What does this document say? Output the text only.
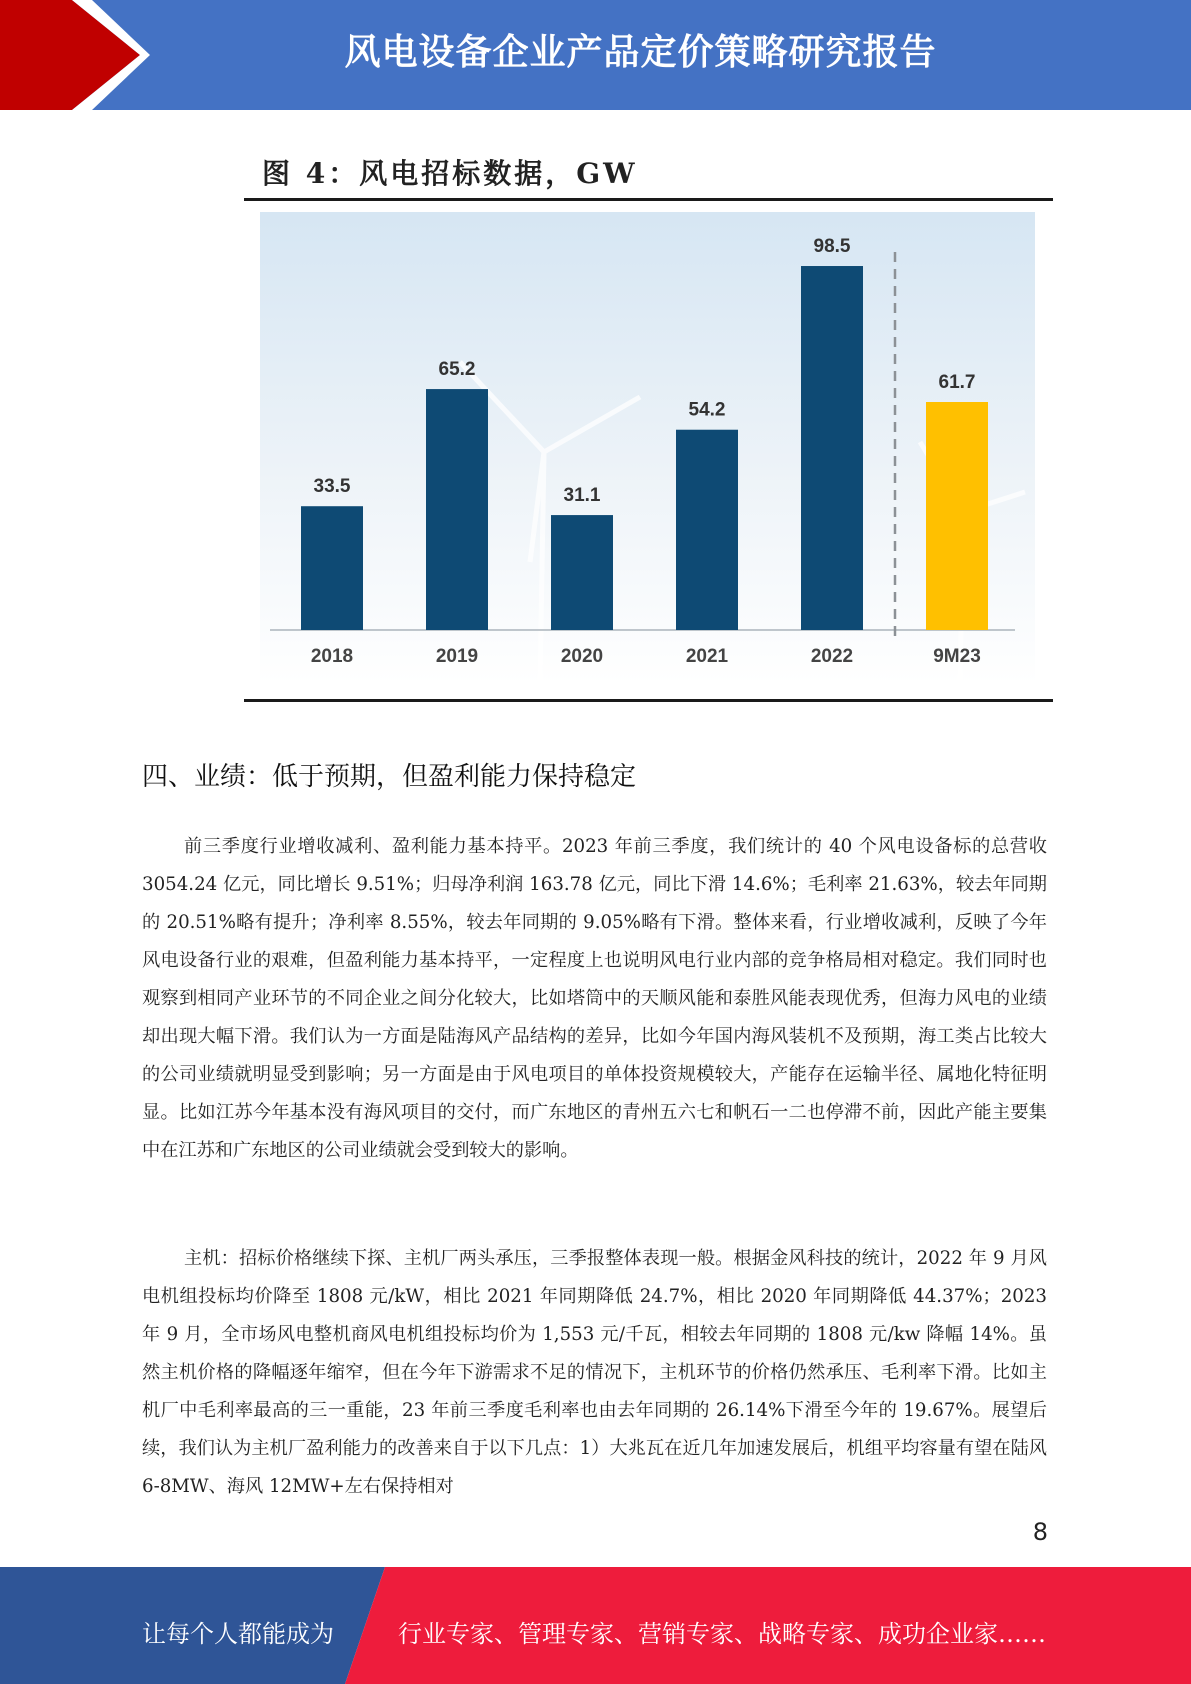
风电设备企业产品定价策略研究报告
图 4：风电招标数据，GW
33.5
2018
65.2
2019
31.1
2020
54.2
2021
98.5
2022
61.7
9M23
四、业绩：低于预期，但盈利能力保持稳定

前三季度行业增收减利、盈利能力基本持平。2023 年前三季度，我们统计的 40 个风电设备标的总营收 3054.24 亿元，同比增长 9.51%；归母净利润 163.78 亿元，同比下滑 14.6%；毛利率 21.63%，较去年同期的 20.51%略有提升；净利率 8.55%，较去年同期的 9.05%略有下滑。整体来看，行业增收减利，反映了今年风电设备行业的艰难，但盈利能力基本持平，一定程度上也说明风电行业内部的竞争格局相对稳定。我们同时也观察到相同产业环节的不同企业之间分化较大，比如塔筒中的天顺风能和泰胜风能表现优秀，但海力风电的业绩却出现大幅下滑。我们认为一方面是陆海风产品结构的差异，比如今年国内海风装机不及预期，海工类占比较大的公司业绩就明显受到影响；另一方面是由于风电项目的单体投资规模较大，产能存在运输半径、属地化特征明显。比如江苏今年基本没有海风项目的交付，而广东地区的青州五六七和帆石一二也停滞不前，因此产能主要集中在江苏和广东地区的公司业绩就会受到较大的影响。

主机：招标价格继续下探、主机厂两头承压，三季报整体表现一般。根据金风科技的统计，2022 年 9 月风电机组投标均价降至 1808 元/kW，相比 2021 年同期降低 24.7%，相比 2020 年同期降低 44.37%；2023 年 9 月，全市场风电整机商风电机组投标均价为 1,553 元/千瓦，相较去年同期的 1808 元/kw 降幅 14%。虽然主机价格的降幅逐年缩窄，但在今年下游需求不足的情况下，主机环节的价格仍然承压、毛利率下滑。比如主机厂中毛利率最高的三一重能，23 年前三季度毛利率也由去年同期的 26.14%下滑至今年的 19.67%。展望后续，我们认为主机厂盈利能力的改善来自于以下几点：1）大兆瓦在近几年加速发展后，机组平均容量有望在陆风 6-8MW、海风 12MW+左右保持相对

8
让每个人都能成为	行业专家、管理专家、营销专家、战略专家、成功企业家……
